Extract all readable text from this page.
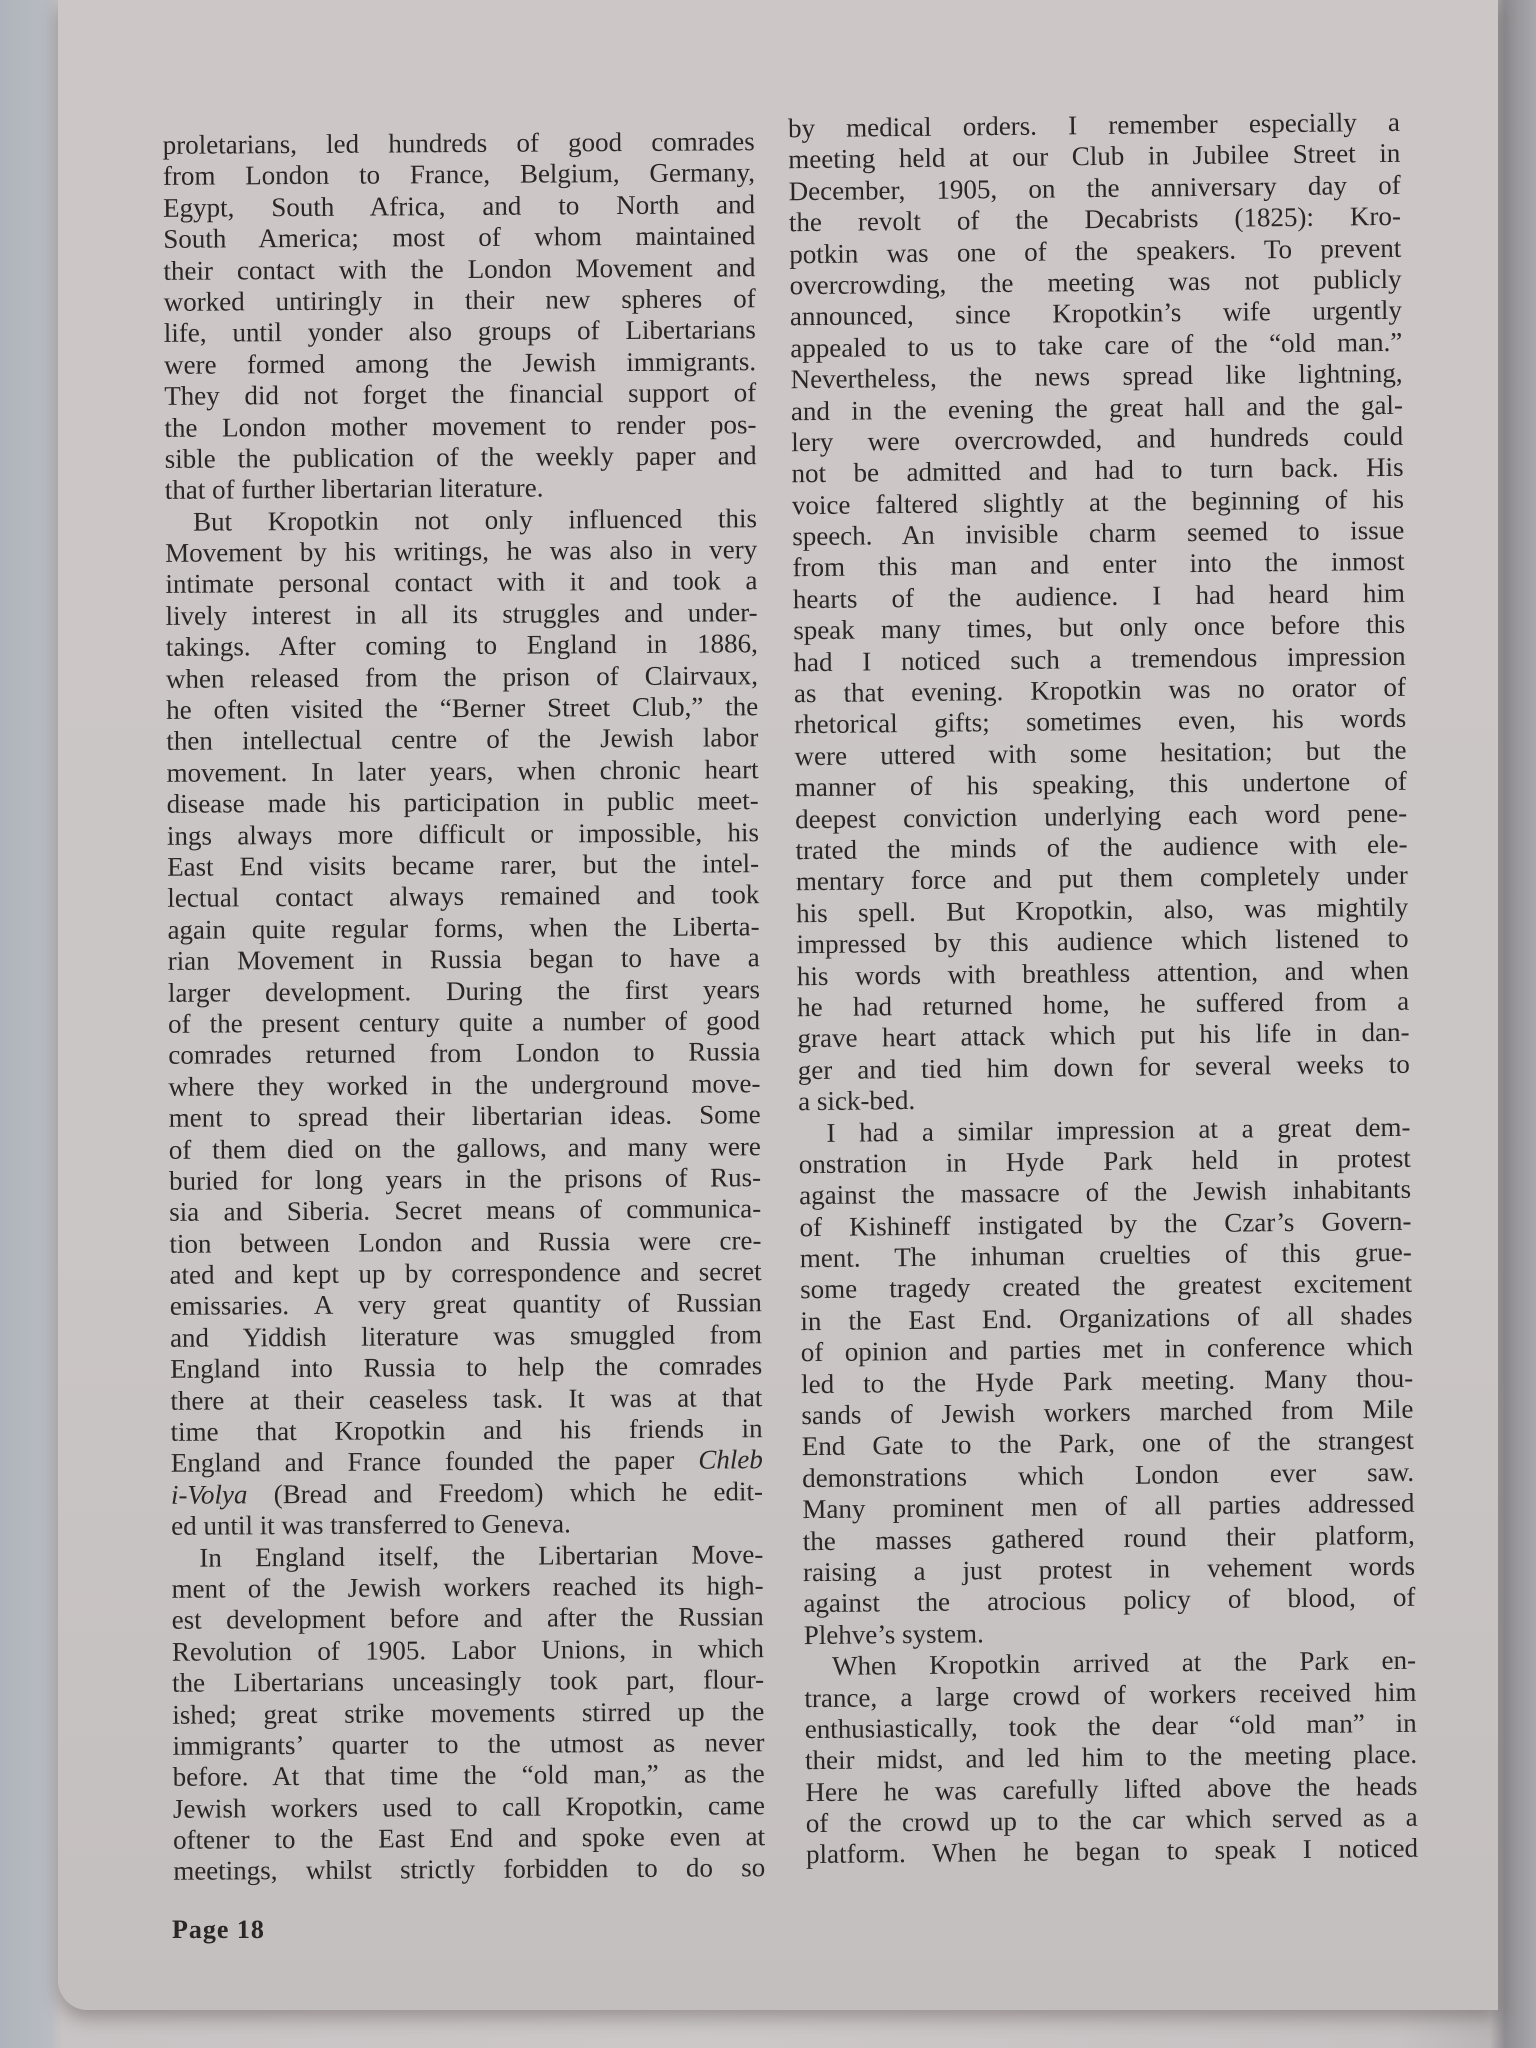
proletarians, led hundreds of good comrades
from London to France, Belgium, Germany,
Egypt, South Africa, and to North and
South America; most of whom maintained
their contact with the London Movement and
worked untiringly in their new spheres of
life, until yonder also groups of Libertarians
were formed among the Jewish immigrants.
They did not forget the financial support of
the London mother movement to render pos-
sible the publication of the weekly paper and
that of further libertarian literature.
But Kropotkin not only influenced this
Movement by his writings, he was also in very
intimate personal contact with it and took a
lively interest in all its struggles and under-
takings. After coming to England in 1886,
when released from the prison of Clairvaux,
he often visited the “Berner Street Club,” the
then intellectual centre of the Jewish labor
movement. In later years, when chronic heart
disease made his participation in public meet-
ings always more difficult or impossible, his
East End visits became rarer, but the intel-
lectual contact always remained and took
again quite regular forms, when the Liberta-
rian Movement in Russia began to have a
larger development. During the first years
of the present century quite a number of good
comrades returned from London to Russia
where they worked in the underground move-
ment to spread their libertarian ideas. Some
of them died on the gallows, and many were
buried for long years in the prisons of Rus-
sia and Siberia. Secret means of communica-
tion between London and Russia were cre-
ated and kept up by correspondence and secret
emissaries. A very great quantity of Russian
and Yiddish literature was smuggled from
England into Russia to help the comrades
there at their ceaseless task. It was at that
time that Kropotkin and his friends in
England and France founded the paper Chleb
i-Volya (Bread and Freedom) which he edit-
ed until it was transferred to Geneva.
In England itself, the Libertarian Move-
ment of the Jewish workers reached its high-
est development before and after the Russian
Revolution of 1905. Labor Unions, in which
the Libertarians unceasingly took part, flour-
ished; great strike movements stirred up the
immigrants’ quarter to the utmost as never
before. At that time the “old man,” as the
Jewish workers used to call Kropotkin, came
oftener to the East End and spoke even at
meetings, whilst strictly forbidden to do so
by medical orders. I remember especially a
meeting held at our Club in Jubilee Street in
December, 1905, on the anniversary day of
the revolt of the Decabrists (1825): Kro-
potkin was one of the speakers. To prevent
overcrowding, the meeting was not publicly
announced, since Kropotkin’s wife urgently
appealed to us to take care of the “old man.”
Nevertheless, the news spread like lightning,
and in the evening the great hall and the gal-
lery were overcrowded, and hundreds could
not be admitted and had to turn back. His
voice faltered slightly at the beginning of his
speech. An invisible charm seemed to issue
from this man and enter into the inmost
hearts of the audience. I had heard him
speak many times, but only once before this
had I noticed such a tremendous impression
as that evening. Kropotkin was no orator of
rhetorical gifts; sometimes even, his words
were uttered with some hesitation; but the
manner of his speaking, this undertone of
deepest conviction underlying each word pene-
trated the minds of the audience with ele-
mentary force and put them completely under
his spell. But Kropotkin, also, was mightily
impressed by this audience which listened to
his words with breathless attention, and when
he had returned home, he suffered from a
grave heart attack which put his life in dan-
ger and tied him down for several weeks to
a sick-bed.
I had a similar impression at a great dem-
onstration in Hyde Park held in protest
against the massacre of the Jewish inhabitants
of Kishineff instigated by the Czar’s Govern-
ment. The inhuman cruelties of this grue-
some tragedy created the greatest excitement
in the East End. Organizations of all shades
of opinion and parties met in conference which
led to the Hyde Park meeting. Many thou-
sands of Jewish workers marched from Mile
End Gate to the Park, one of the strangest
demonstrations which London ever saw.
Many prominent men of all parties addressed
the masses gathered round their platform,
raising a just protest in vehement words
against the atrocious policy of blood, of
Plehve’s system.
When Kropotkin arrived at the Park en-
trance, a large crowd of workers received him
enthusiastically, took the dear “old man” in
their midst, and led him to the meeting place.
Here he was carefully lifted above the heads
of the crowd up to the car which served as a
platform. When he began to speak I noticed
Page 18
